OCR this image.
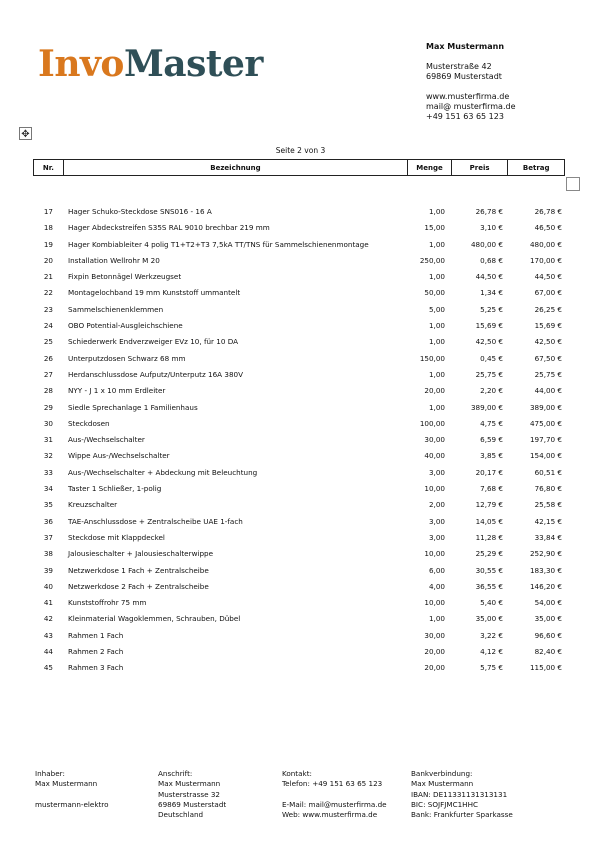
InvoMaster	Max Mustermann
Musterstraße 42
69869 Musterstadt
www.musterfirma.de
mail@ musterfirma.de
+49 151 63 65 123
✥
Seite 2 von 3
Nr.	Bezeichnung	Menge	Preis	Betrag
17 Hager Schuko-Steckdose SNS016 - 16 A	1,00	26,78 €	26,78 €
18 Hager Abdeckstreifen S35S RAL 9010 brechbar 219 mm	15,00	3,10 €	46,50 €
19 Hager Kombiableiter 4 polig T1+T2+T3 7,5kA TT/TNS für Sammelschienenmontage	1,00	480,00 €	480,00 €
20 Installation Wellrohr M 20	250,00	0,68 €	170,00 €
21 Fixpin Betonnägel Werkzeugset	1,00	44,50 €	44,50 €
22 Montagelochband 19 mm Kunststoff ummantelt	50,00	1,34 €	67,00 €
23 Sammelschienenklemmen	5,00	5,25 €	26,25 €
24 OBO Potential-Ausgleichschiene	1,00	15,69 €	15,69 €
25 Schiederwerk Endverzweiger EVz 10, für 10 DA	1,00	42,50 €	42,50 €
26 Unterputzdosen Schwarz 68 mm	150,00	0,45 €	67,50 €
27 Herdanschlussdose Aufputz/Unterputz 16A 380V	1,00	25,75 €	25,75 €
28 NYY - J 1 x 10 mm Erdleiter	20,00	2,20 €	44,00 €
29 Siedle Sprechanlage 1 Familienhaus	1,00	389,00 €	389,00 €
30 Steckdosen	100,00	4,75 €	475,00 €
31 Aus-/Wechselschalter	30,00	6,59 €	197,70 €
32 Wippe Aus-/Wechselschalter	40,00	3,85 €	154,00 €
33 Aus-/Wechselschalter + Abdeckung mit Beleuchtung	3,00	20,17 €	60,51 €
34 Taster 1 Schließer, 1-polig	10,00	7,68 €	76,80 €
35 Kreuzschalter	2,00	12,79 €	25,58 €
36 TAE-Anschlussdose + Zentralscheibe UAE 1-fach	3,00	14,05 €	42,15 €
37 Steckdose mit Klappdeckel	3,00	11,28 €	33,84 €
38 Jalousieschalter + Jalousieschalterwippe	10,00	25,29 €	252,90 €
39 Netzwerkdose 1 Fach + Zentralscheibe	6,00	30,55 €	183,30 €
40 Netzwerkdose 2 Fach + Zentralscheibe	4,00	36,55 €	146,20 €
41 Kunststoffrohr 75 mm	10,00	5,40 €	54,00 €
42 Kleinmaterial Wagoklemmen, Schrauben, Dübel	1,00	35,00 €	35,00 €
43 Rahmen 1 Fach	30,00	3,22 €	96,60 €
44 Rahmen 2 Fach	20,00	4,12 €	82,40 €
45 Rahmen 3 Fach	20,00	5,75 €	115,00 €
Inhaber:
Max Mustermann

mustermann-elektro
Anschrift:
Max Mustermann
Musterstrasse 32
69869 Musterstadt
Deutschland
Kontakt:
Telefon: +49 151 63 65 123

E-Mail: mail@musterfirma.de
Web: www.musterfirma.de
Bankverbindung:
Max Mustermann
IBAN: DE11331131313131
BIC: SOJFJMC1HHC
Bank: Frankfurter Sparkasse
